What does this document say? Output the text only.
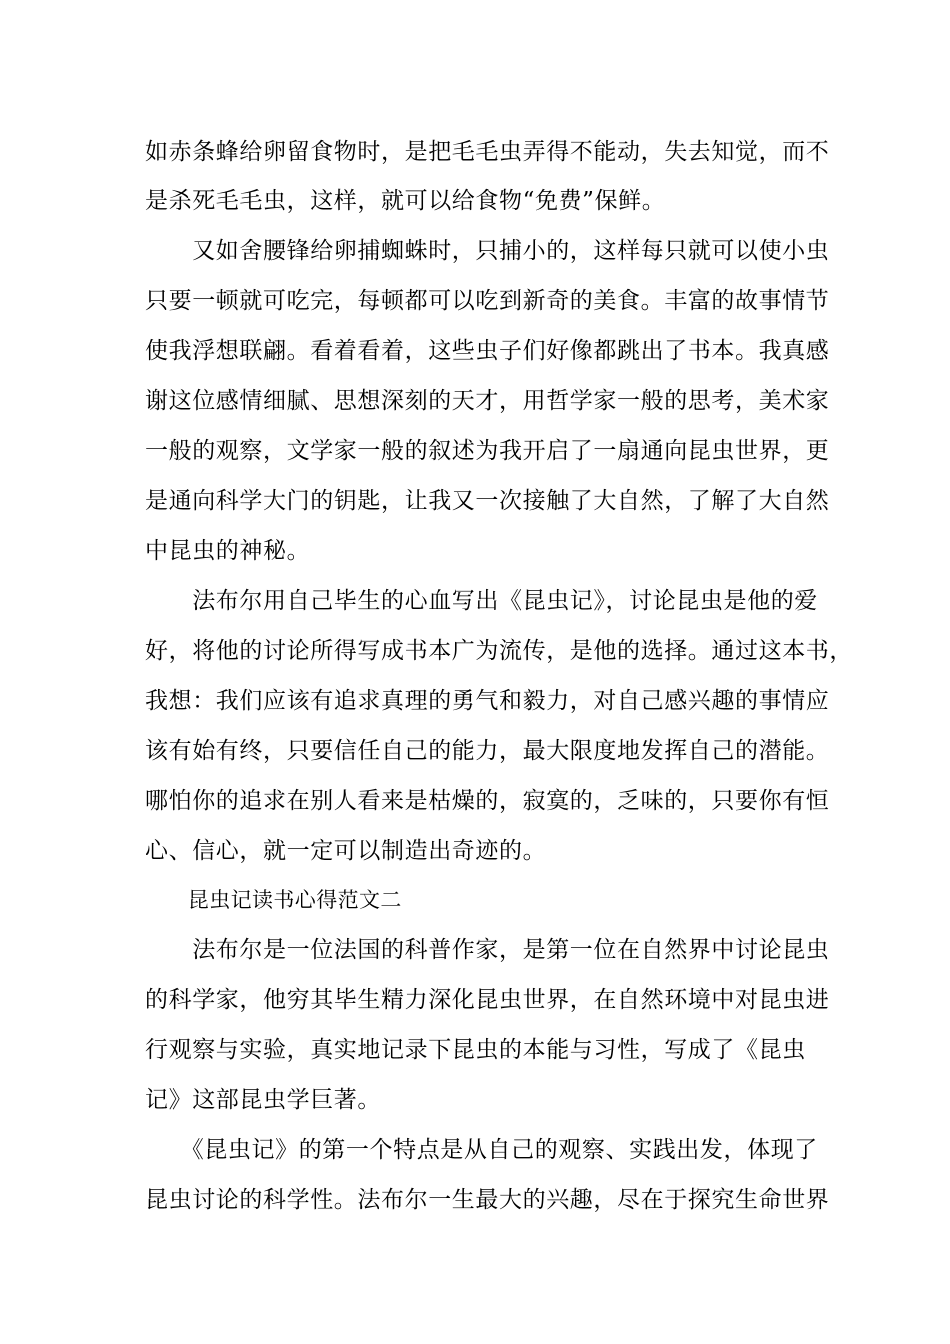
如赤条蜂给卵留食物时，是把毛毛虫弄得不能动，失去知觉，而不
是杀死毛毛虫，这样，就可以给食物“免费”保鲜。
　　又如舍腰锋给卵捕蜘蛛时，只捕小的，这样每只就可以使小虫
只要一顿就可吃完，每顿都可以吃到新奇的美食。丰富的故事情节
使我浮想联翩。看着看着，这些虫子们好像都跳出了书本。我真感
谢这位感情细腻、思想深刻的天才，用哲学家一般的思考，美术家
一般的观察，文学家一般的叙述为我开启了一扇通向昆虫世界，更
是通向科学大门的钥匙，让我又一次接触了大自然，了解了大自然
中昆虫的神秘。
　　法布尔用自己毕生的心血写出《昆虫记》，讨论昆虫是他的爱
好，将他的讨论所得写成书本广为流传，是他的选择。通过这本书，
我想：我们应该有追求真理的勇气和毅力，对自己感兴趣的事情应
该有始有终，只要信任自己的能力，最大限度地发挥自己的潜能。
哪怕你的追求在别人看来是枯燥的，寂寞的，乏味的，只要你有恒
心、信心，就一定可以制造出奇迹的。
　　昆虫记读书心得范文二
　　法布尔是一位法国的科普作家，是第一位在自然界中讨论昆虫
的科学家，他穷其毕生精力深化昆虫世界，在自然环境中对昆虫进
行观察与实验，真实地记录下昆虫的本能与习性，写成了《昆虫
记》这部昆虫学巨著。
　　《昆虫记》的第一个特点是从自己的观察、实践出发，体现了
昆虫讨论的科学性。法布尔一生最大的兴趣，尽在于探究生命世界
